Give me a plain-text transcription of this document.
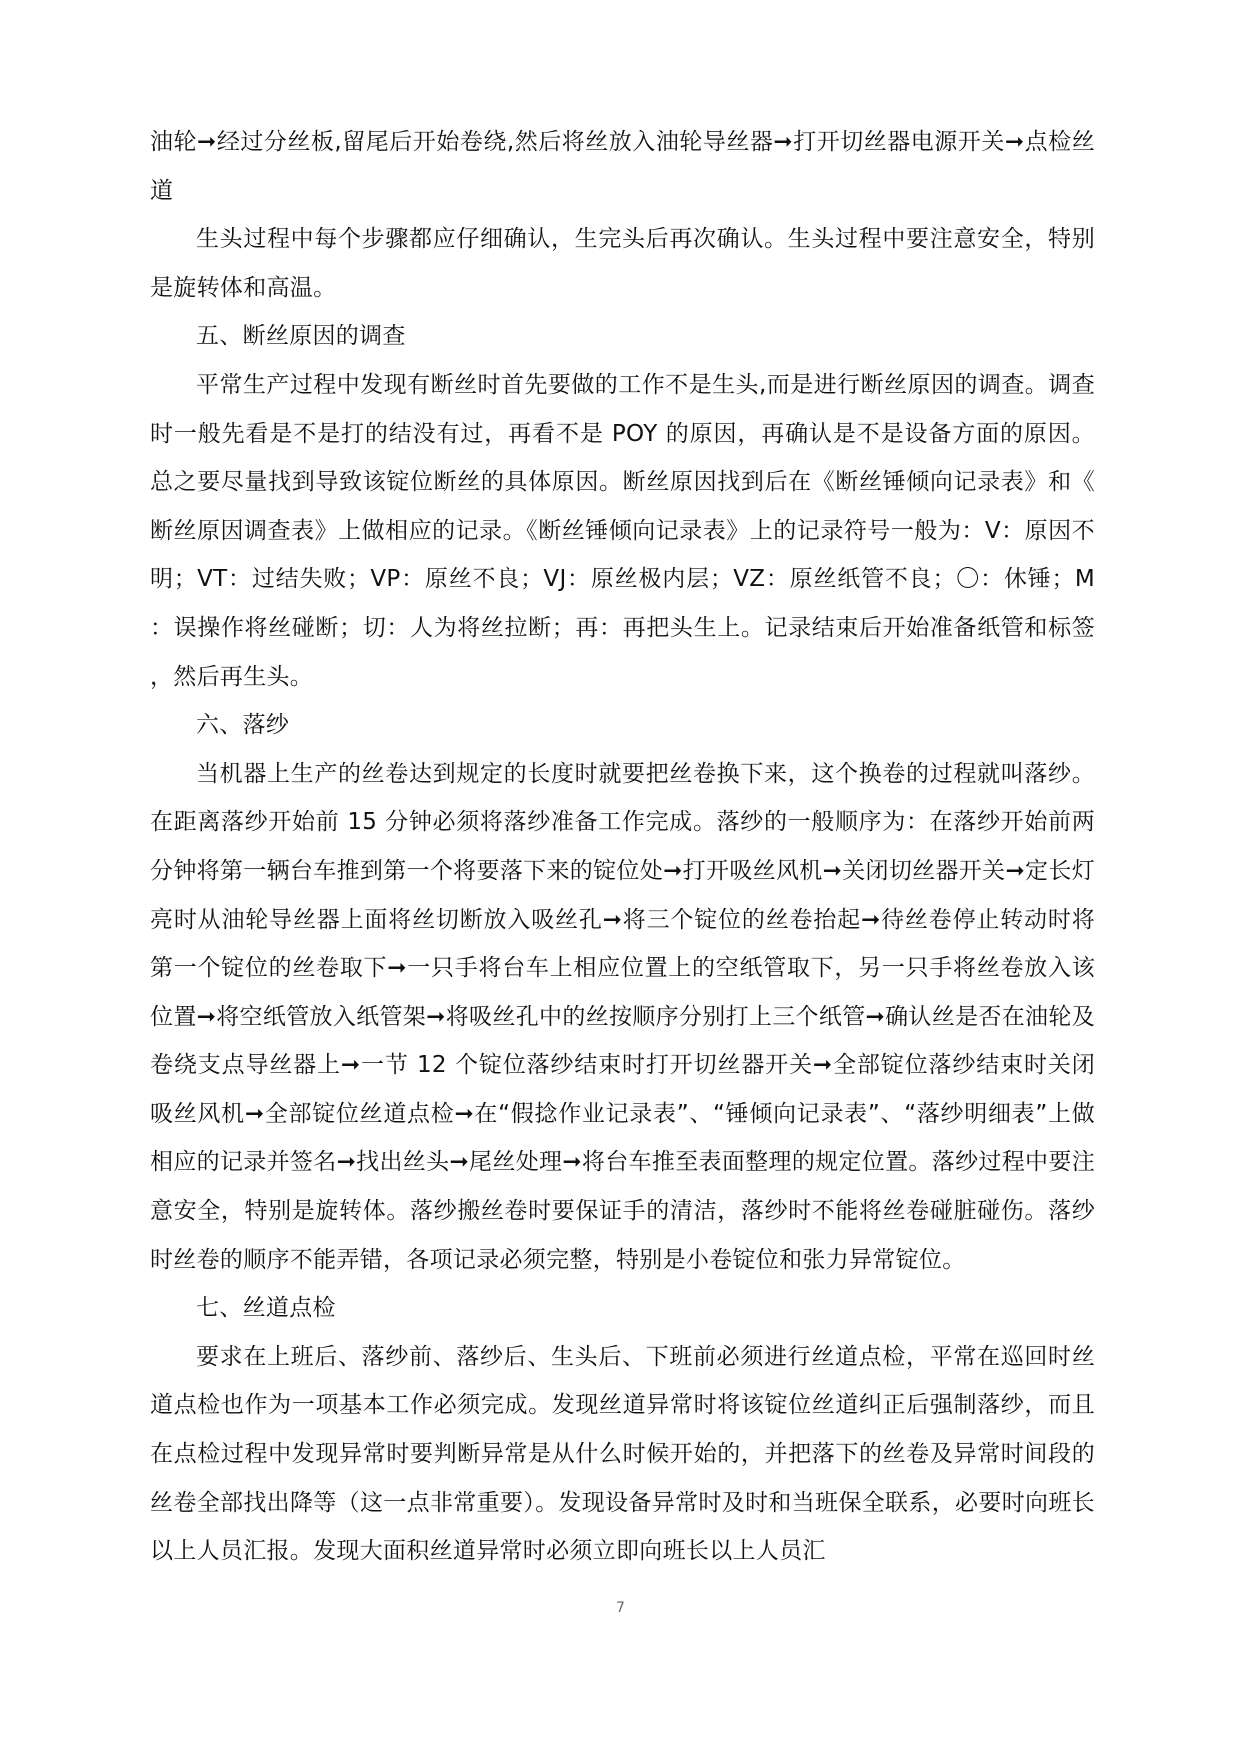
油轮➞经过分丝板,留尾后开始卷绕,然后将丝放入油轮导丝器➞打开切丝器电源开关➞点检丝道

生头过程中每个步骤都应仔细确认，生完头后再次确认。生头过程中要注意安全，特别是旋转体和高温。

五、断丝原因的调查

平常生产过程中发现有断丝时首先要做的工作不是生头,而是进行断丝原因的调查。调查时一般先看是不是打的结没有过，再看不是 POY 的原因，再确认是不是设备方面的原因。总之要尽量找到导致该锭位断丝的具体原因。断丝原因找到后在《断丝锤倾向记录表》和《断丝原因调查表》上做相应的记录。《断丝锤倾向记录表》上的记录符号一般为：V：原因不明；VT：过结失败；VP：原丝不良；VJ：原丝极内层；VZ：原丝纸管不良；〇：休锤；M：误操作将丝碰断；切：人为将丝拉断；再：再把头生上。记录结束后开始准备纸管和标签，然后再生头。

六、落纱

当机器上生产的丝卷达到规定的长度时就要把丝卷换下来，这个换卷的过程就叫落纱。在距离落纱开始前 15 分钟必须将落纱准备工作完成。落纱的一般顺序为：在落纱开始前两分钟将第一辆台车推到第一个将要落下来的锭位处➞打开吸丝风机➞关闭切丝器开关➞定长灯亮时从油轮导丝器上面将丝切断放入吸丝孔➞将三个锭位的丝卷抬起➞待丝卷停止转动时将第一个锭位的丝卷取下➞一只手将台车上相应位置上的空纸管取下，另一只手将丝卷放入该位置➞将空纸管放入纸管架➞将吸丝孔中的丝按顺序分别打上三个纸管➞确认丝是否在油轮及卷绕支点导丝器上➞一节 12 个锭位落纱结束时打开切丝器开关➞全部锭位落纱结束时关闭吸丝风机➞全部锭位丝道点检➞在“假捻作业记录表”、“锤倾向记录表”、“落纱明细表”上做相应的记录并签名➞找出丝头➞尾丝处理➞将台车推至表面整理的规定位置。落纱过程中要注意安全，特别是旋转体。落纱搬丝卷时要保证手的清洁，落纱时不能将丝卷碰脏碰伤。落纱时丝卷的顺序不能弄错，各项记录必须完整，特别是小卷锭位和张力异常锭位。

七、丝道点检

要求在上班后、落纱前、落纱后、生头后、下班前必须进行丝道点检，平常在巡回时丝道点检也作为一项基本工作必须完成。发现丝道异常时将该锭位丝道纠正后强制落纱，而且在点检过程中发现异常时要判断异常是从什么时候开始的，并把落下的丝卷及异常时间段的丝卷全部找出降等（这一点非常重要）。发现设备异常时及时和当班保全联系，必要时向班长以上人员汇报。发现大面积丝道异常时必须立即向班长以上人员汇

7
